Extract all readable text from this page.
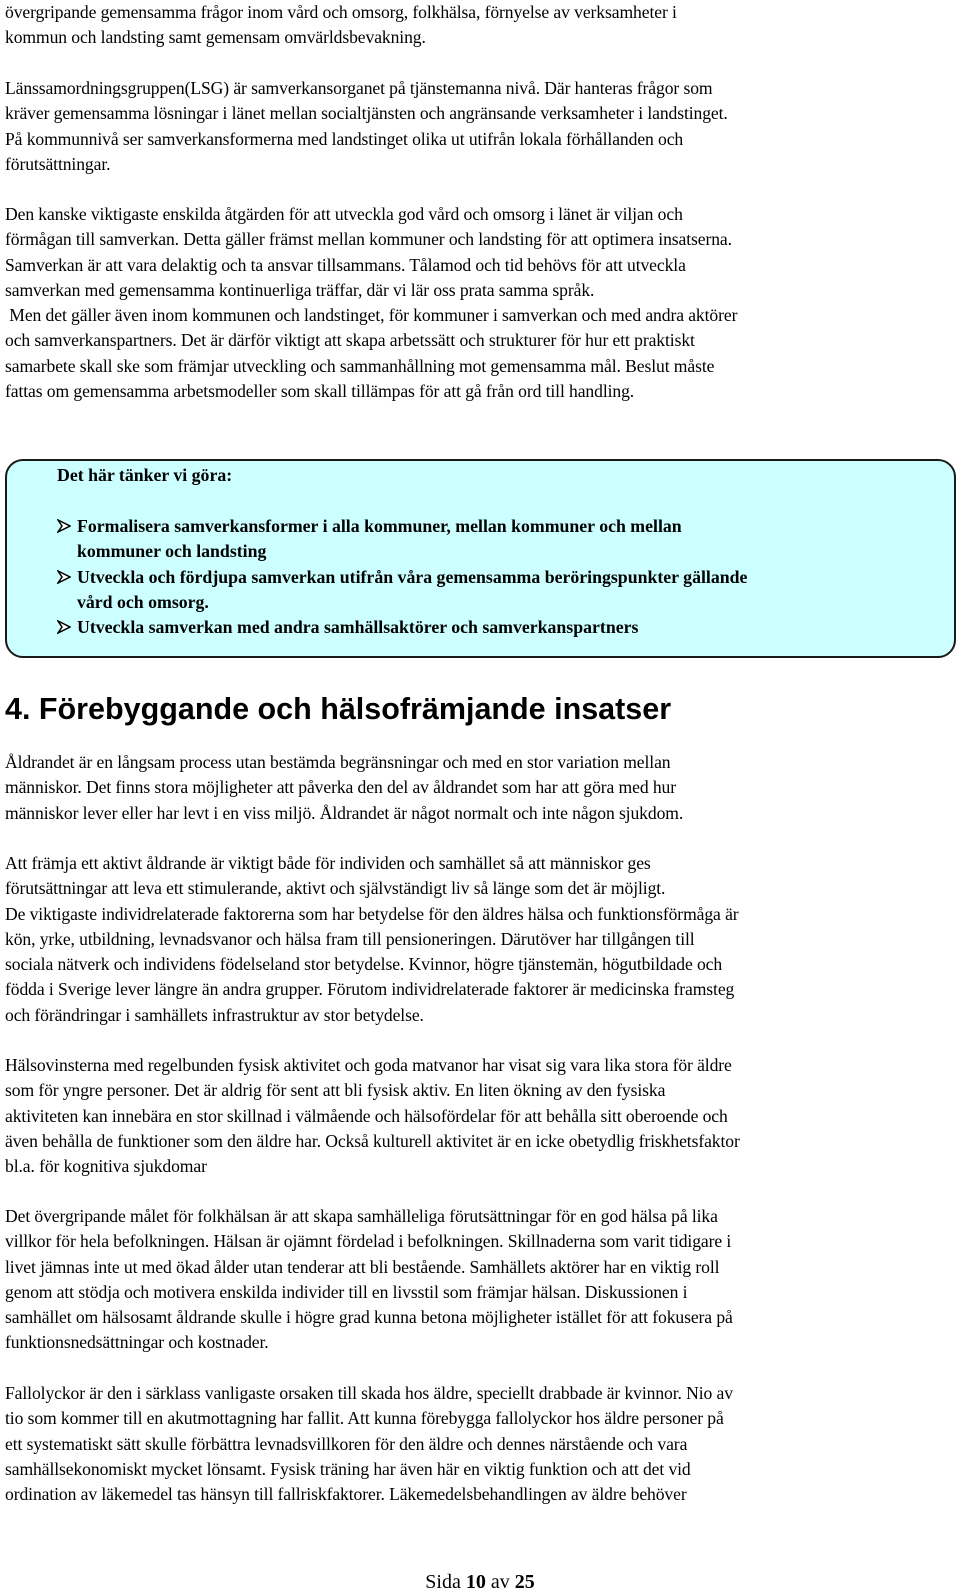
övergripande gemensamma frågor inom vård och omsorg, folkhälsa, förnyelse av verksamheter i
kommun och landsting samt gemensam omvärldsbevakning.

Länssamordningsgruppen(LSG) är samverkansorganet på tjänstemanna nivå. Där hanteras frågor som
kräver gemensamma lösningar i länet mellan socialtjänsten och angränsande verksamheter i landstinget.
På kommunnivå ser samverkansformerna med landstinget olika ut utifrån lokala förhållanden och
förutsättningar.

Den kanske viktigaste enskilda åtgärden för att utveckla god vård och omsorg i länet är viljan och
förmågan till samverkan. Detta gäller främst mellan kommuner och landsting för att optimera insatserna.
Samverkan är att vara delaktig och ta ansvar tillsammans. Tålamod och tid behövs för att utveckla
samverkan med gemensamma kontinuerliga träffar, där vi lär oss prata samma språk.
Men det gäller även inom kommunen och landstinget, för kommuner i samverkan och med andra aktörer
och samverkanspartners. Det är därför viktigt att skapa arbetssätt och strukturer för hur ett praktiskt
samarbete skall ske som främjar utveckling och sammanhållning mot gemensamma mål. Beslut måste
fattas om gemensamma arbetsmodeller som skall tillämpas för att gå från ord till handling.

Det här tänker vi göra:

Formalisera samverkansformer i alla kommuner, mellan kommuner och mellan
kommuner och landsting
Utveckla och fördjupa samverkan utifrån våra gemensamma beröringspunkter gällande
vård och omsorg.
Utveckla samverkan med andra samhällsaktörer och samverkanspartners
4. Förebyggande och hälsofrämjande insatser

Åldrandet är en långsam process utan bestämda begränsningar och med en stor variation mellan
människor. Det finns stora möjligheter att påverka den del av åldrandet som har att göra med hur
människor lever eller har levt i en viss miljö. Åldrandet är något normalt och inte någon sjukdom.

Att främja ett aktivt åldrande är viktigt både för individen och samhället så att människor ges
förutsättningar att leva ett stimulerande, aktivt och självständigt liv så länge som det är möjligt.
De viktigaste individrelaterade faktorerna som har betydelse för den äldres hälsa och funktionsförmåga är
kön, yrke, utbildning, levnadsvanor och hälsa fram till pensioneringen. Därutöver har tillgången till
sociala nätverk och individens födelseland stor betydelse. Kvinnor, högre tjänstemän, högutbildade och
födda i Sverige lever längre än andra grupper. Förutom individrelaterade faktorer är medicinska framsteg
och förändringar i samhällets infrastruktur av stor betydelse.

Hälsovinsterna med regelbunden fysisk aktivitet och goda matvanor har visat sig vara lika stora för äldre
som för yngre personer. Det är aldrig för sent att bli fysisk aktiv. En liten ökning av den fysiska
aktiviteten kan innebära en stor skillnad i välmående och hälsofördelar för att behålla sitt oberoende och
även behålla de funktioner som den äldre har. Också kulturell aktivitet är en icke obetydlig friskhetsfaktor
bl.a. för kognitiva sjukdomar

Det övergripande målet för folkhälsan är att skapa samhälleliga förutsättningar för en god hälsa på lika
villkor för hela befolkningen. Hälsan är ojämnt fördelad i befolkningen. Skillnaderna som varit tidigare i
livet jämnas inte ut med ökad ålder utan tenderar att bli bestående. Samhällets aktörer har en viktig roll
genom att stödja och motivera enskilda individer till en livsstil som främjar hälsan. Diskussionen i
samhället om hälsosamt åldrande skulle i högre grad kunna betona möjligheter istället för att fokusera på
funktionsnedsättningar och kostnader.

Fallolyckor är den i särklass vanligaste orsaken till skada hos äldre, speciellt drabbade är kvinnor. Nio av
tio som kommer till en akutmottagning har fallit. Att kunna förebygga fallolyckor hos äldre personer på
ett systematiskt sätt skulle förbättra levnadsvillkoren för den äldre och dennes närstående och vara
samhällsekonomiskt mycket lönsamt. Fysisk träning har även här en viktig funktion och att det vid
ordination av läkemedel tas hänsyn till fallriskfaktorer. Läkemedelsbehandlingen av äldre behöver

Sida 10 av 25
